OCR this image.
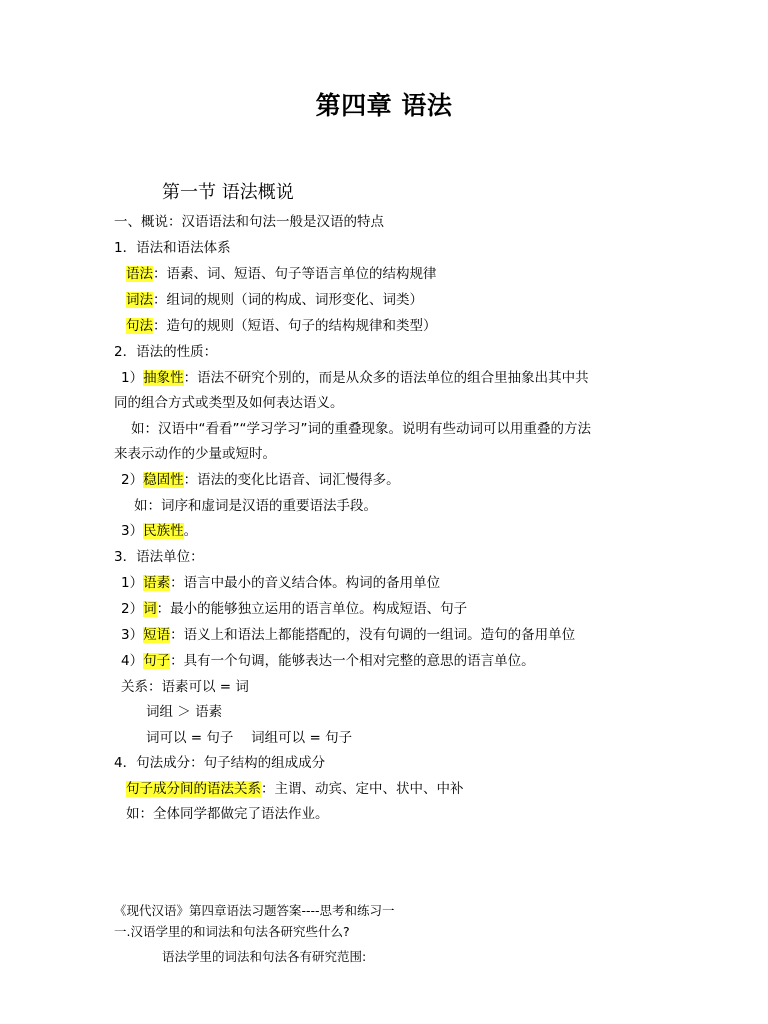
第四章 语法
第一节 语法概说
一、概说：汉语语法和句法一般是汉语的特点
1．语法和语法体系
语法：语素、词、短语、句子等语言单位的结构规律
词法：组词的规则（词的构成、词形变化、词类）
句法：造句的规则（短语、句子的结构规律和类型）
2．语法的性质：
1）抽象性：语法不研究个别的，而是从众多的语法单位的组合里抽象出其中共
同的组合方式或类型及如何表达语义。
如：汉语中“看看”“学习学习”词的重叠现象。说明有些动词可以用重叠的方法
来表示动作的少量或短时。
2）稳固性：语法的变化比语音、词汇慢得多。
如：词序和虚词是汉语的重要语法手段。
3）民族性。
3．语法单位：
1）语素：语言中最小的音义结合体。构词的备用单位
2）词：最小的能够独立运用的语言单位。构成短语、句子
3）短语：语义上和语法上都能搭配的，没有句调的一组词。造句的备用单位
4）句子：具有一个句调，能够表达一个相对完整的意思的语言单位。
关系：语素可以 = 词
词组 ＞ 语素
词可以 = 句子　 词组可以 = 句子
4．句法成分：句子结构的组成成分
句子成分间的语法关系：主谓、动宾、定中、状中、中补
如：全体同学都做完了语法作业。
《现代汉语》第四章语法习题答案----思考和练习一
一.汉语学里的和词法和句法各研究些什么?
语法学里的词法和句法各有研究范围:
